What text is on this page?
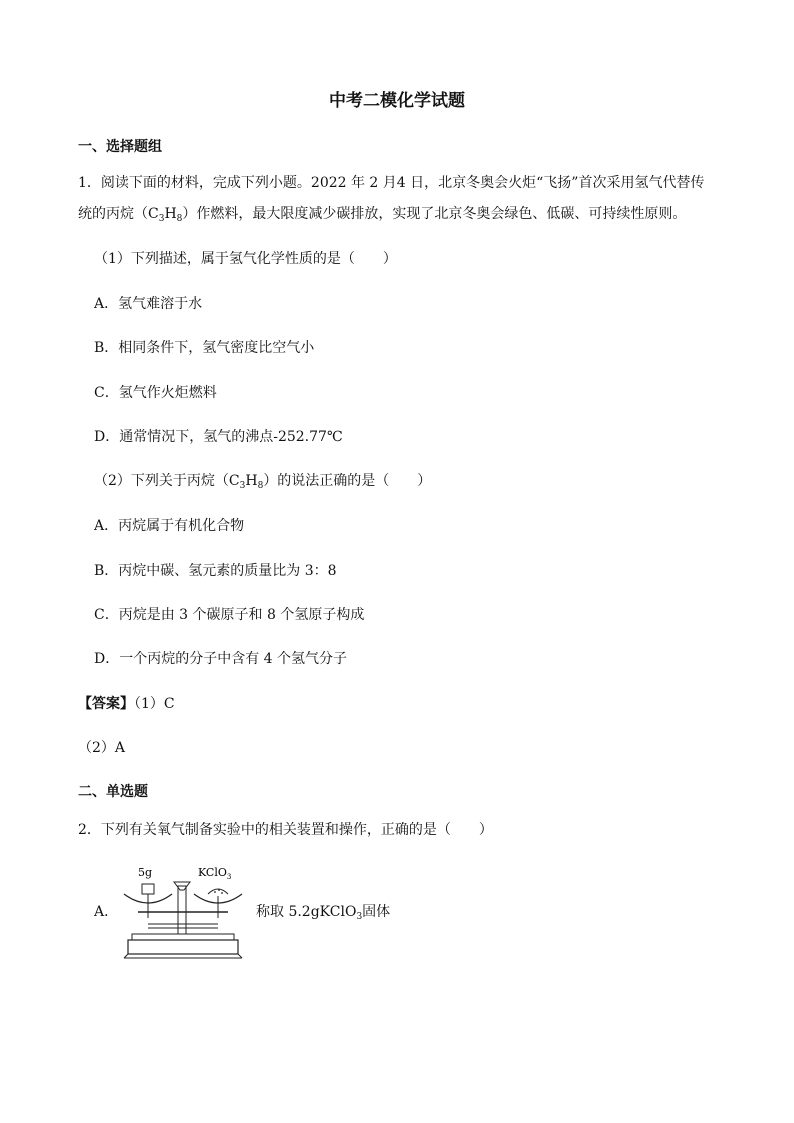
中考二模化学试题
一、选择题组
1．阅读下面的材料，完成下列小题。2022 年 2 月4 日，北京冬奥会火炬“飞扬”首次采用氢气代替传
统的丙烷$(C_3H_8)$作燃料，最大限度减少碳排放，实现了北京冬奥会绿色、低碳、可持续性原则。
（1）下列描述，属于氢气化学性质的是（　　）
A．氢气难溶于水
B．相同条件下，氢气密度比空气小
C．氢气作火炬燃料
D．通常情况下，氢气的沸点-252.77℃
（2）下列关于丙烷$(C_3H_8)$的说法正确的是（　　）
A．丙烷属于有机化合物
B．丙烷中碳、氢元素的质量比为 3：8
C．丙烷是由 3 个碳原子和 8 个氢原子构成
D．一个丙烷的分子中含有 4 个氢气分子
【答案】（1）C
（2）A
二、单选题
2．下列有关氧气制备实验中的相关装置和操作，正确的是（　　）
A．
5g	KClO$_3$
称取 5.2gKClO$_3$固体
